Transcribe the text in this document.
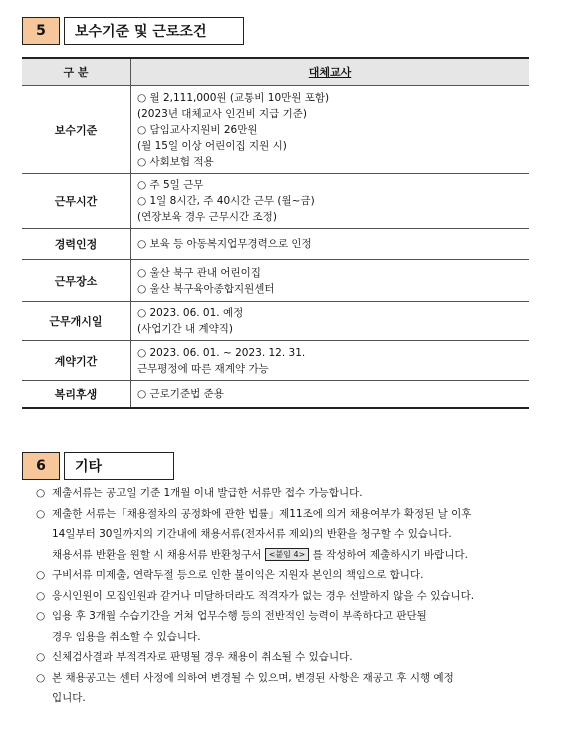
5	보수기준 및 근로조건
구 분	대체교사
보수기준	○ 월 2,111,000원 (교통비 10만원 포함)
(2023년 대체교사 인건비 지급 기준)
○ 담임교사지원비 26만원
(월 15일 이상 어린이집 지원 시)
○ 사회보험 적용

근무시간	○ 주 5일 근무
○ 1일 8시간, 주 40시간 근무 (월~금)
(연장보육 경우 근무시간 조정)

경력인정	○ 보육 등 아동복지업무경력으로 인정

근무장소	○ 울산 북구 관내 어린이집
○ 울산 북구육아종합지원센터

근무개시일	○ 2023. 06. 01. 예정
(사업기간 내 계약직)

계약기간	○ 2023. 06. 01. ~ 2023. 12. 31.
근무평정에 따른 재계약 가능

복리후생	○ 근로기준법 준용
6	기타
○ 제출서류는 공고일 기준 1개월 이내 발급한 서류만 접수 가능합니다.
○ 제출한 서류는「채용절차의 공정화에 관한 법률」제11조에 의거 채용여부가 확정된 날 이후
14일부터 30일까지의 기간내에 채용서류(전자서류 제외)의 반환을 청구할 수 있습니다.
채용서류 반환을 원할 시 채용서류 반환청구서 <붙임 4> 를 작성하여 제출하시기 바랍니다.
○ 구비서류 미제출, 연락두절 등으로 인한 불이익은 지원자 본인의 책임으로 합니다.
○ 응시인원이 모집인원과 같거나 미달하더라도 적격자가 없는 경우 선발하지 않을 수 있습니다.
○ 임용 후 3개월 수습기간을 거쳐 업무수행 등의 전반적인 능력이 부족하다고 판단될
경우 임용을 취소할 수 있습니다.
○ 신체검사결과 부적격자로 판명될 경우 채용이 취소될 수 있습니다.
○ 본 채용공고는 센터 사정에 의하여 변경될 수 있으며, 변경된 사항은 재공고 후 시행 예정
입니다.
